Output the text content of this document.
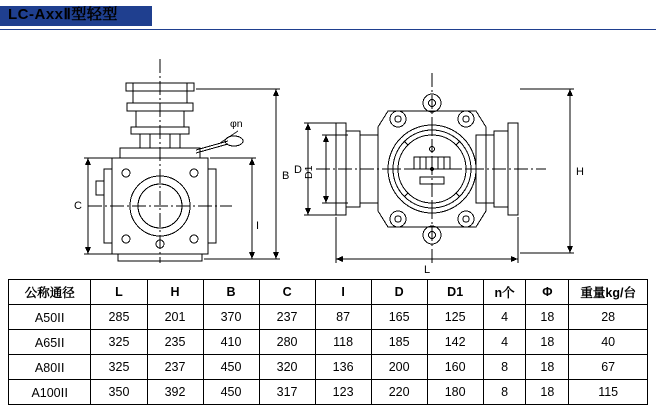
LC-AxxⅡ型轻型
φn
B
I
C
D D1	H
L
公称通径	L	H	B	C	I	D	D1	n个	Φ	重量kg/台
A50ⅠⅠ	285	201	370	237	87	165	125	4	18	28
A65ⅠⅠ	325	235	410	280	118	185	142	4	18	40
A80ⅠⅠ	325	237	450	320	136	200	160	8	18	67
A100ⅠⅠ	350	392	450	317	123	220	180	8	18	115
